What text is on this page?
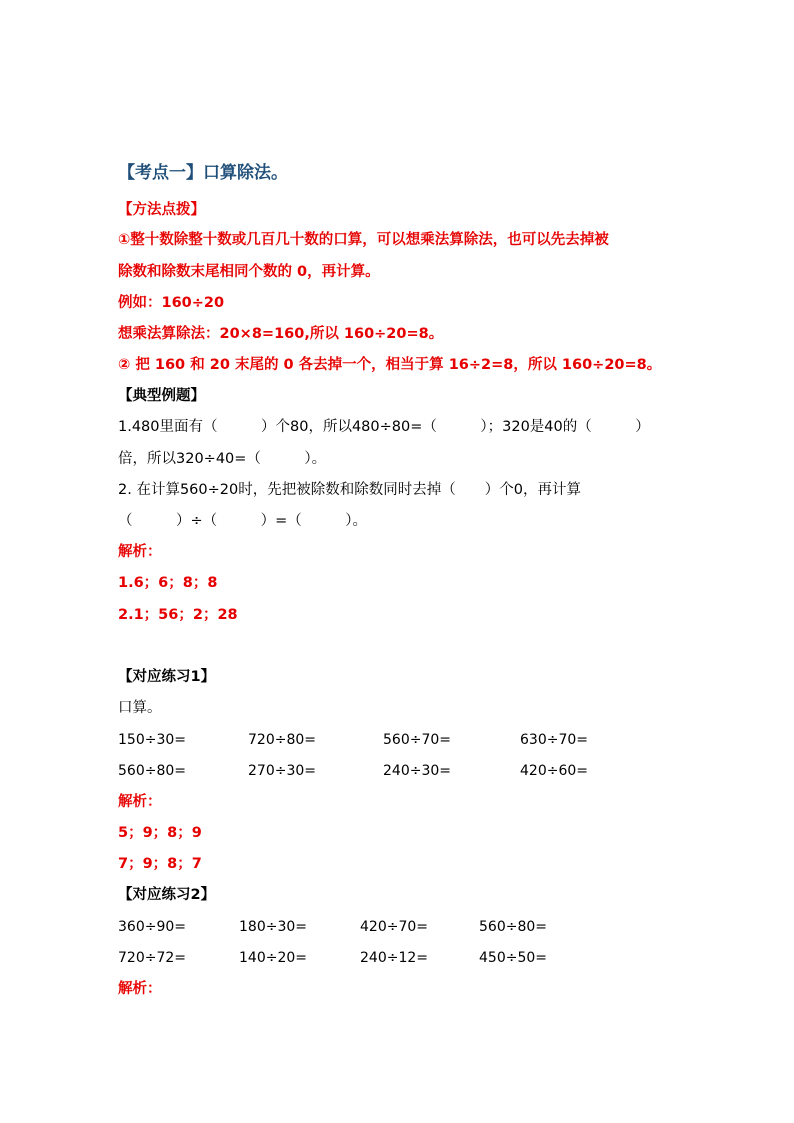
【考点一】口算除法。
【方法点拨】
①整十数除整十数或几百几十数的口算，可以想乘法算除法，也可以先去掉被
除数和除数末尾相同个数的 0，再计算。
例如：160÷20
想乘法算除法：20×8=160,所以 160÷20=8。
② 把 160 和 20 末尾的 0 各去掉一个，相当于算 16÷2=8，所以 160÷20=8。
【典型例题】
1.480里面有（　　　）个80，所以480÷80=（　　　）；320是40的（　　　）
倍，所以320÷40=（　　　）。
2. 在计算560÷20时，先把被除数和除数同时去掉（　　）个0，再计算
（　　　）÷（　　　）=（　　　）。
解析：
1.6；6；8；8
2.1；56；2；28
【对应练习1】
口算。
150÷30=	720÷80=	560÷70=	630÷70=
560÷80=	270÷30=	240÷30=	420÷60=
解析：
5；9；8；9
7；9；8；7
【对应练习2】
360÷90=	180÷30=	420÷70=	560÷80=
720÷72=	140÷20=	240÷12=	450÷50=
解析：
